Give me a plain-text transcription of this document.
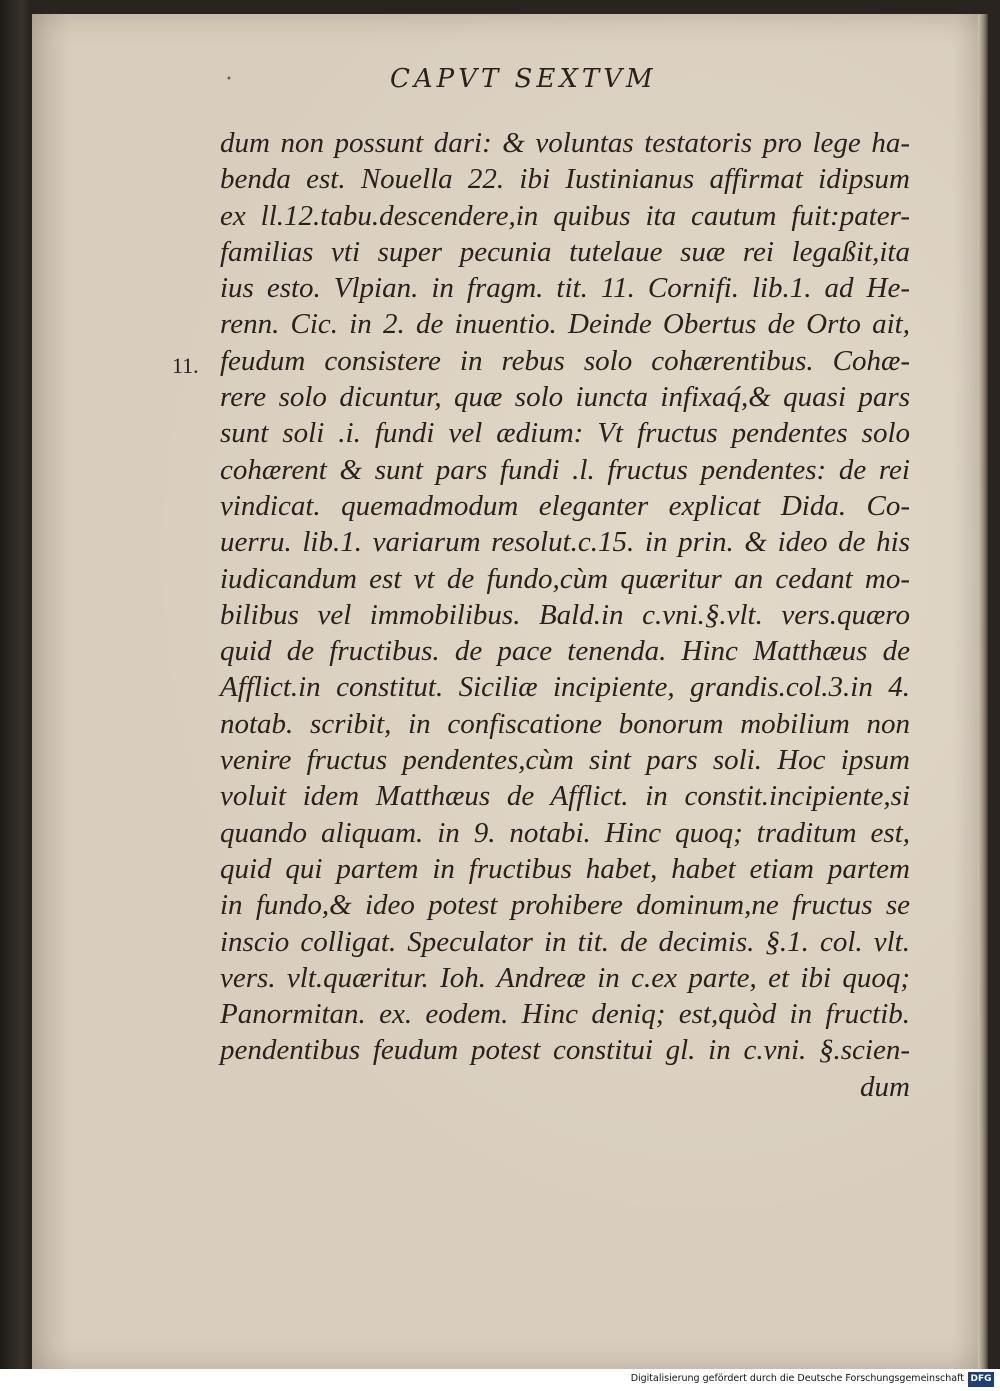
•	CAPVT SEXTVM
11.
dum non possunt dari: & voluntas testatoris pro lege ha-
benda est. Nouella 22. ibi Iustinianus affirmat idipsum
ex ll.12.tabu.descendere,in quibus ita cautum fuit:pater-
familias vti super pecunia tutelaue suæ rei legaßit,ita
ius esto. Vlpian. in fragm. tit. 11. Cornifi. lib.1. ad He-
renn. Cic. in 2. de inuentio. Deinde Obertus de Orto ait,
feudum consistere in rebus solo cohærentibus. Cohæ-
rere solo dicuntur, quæ solo iuncta infixaq́,& quasi pars
sunt soli .i. fundi vel ædium: Vt fructus pendentes solo
cohærent & sunt pars fundi .l. fructus pendentes: de rei
vindicat. quemadmodum eleganter explicat Dida. Co-
uerru. lib.1. variarum resolut.c.15. in prin. & ideo de his
iudicandum est vt de fundo,cùm quæritur an cedant mo-
bilibus vel immobilibus. Bald.in c.vni.§.vlt. vers.quæro
quid de fructibus. de pace tenenda. Hinc Matthæus de
Afflict.in constitut. Siciliæ incipiente, grandis.col.3.in 4.
notab. scribit, in confiscatione bonorum mobilium non
venire fructus pendentes,cùm sint pars soli. Hoc ipsum
voluit idem Matthæus de Afflict. in constit.incipiente,si
quando aliquam. in 9. notabi. Hinc quoq; traditum est,
quid qui partem in fructibus habet, habet etiam partem
in fundo,& ideo potest prohibere dominum,ne fructus se
inscio colligat. Speculator in tit. de decimis. §.1. col. vlt.
vers. vlt.quæritur. Ioh. Andreæ in c.ex parte, et ibi quoq;
Panormitan. ex. eodem. Hinc deniq; est,quòd in fructib.
pendentibus feudum potest constitui gl. in c.vni. §.scien-
dum
Digitalisierung gefördert durch die Deutsche Forschungsgemeinschaft DFG
